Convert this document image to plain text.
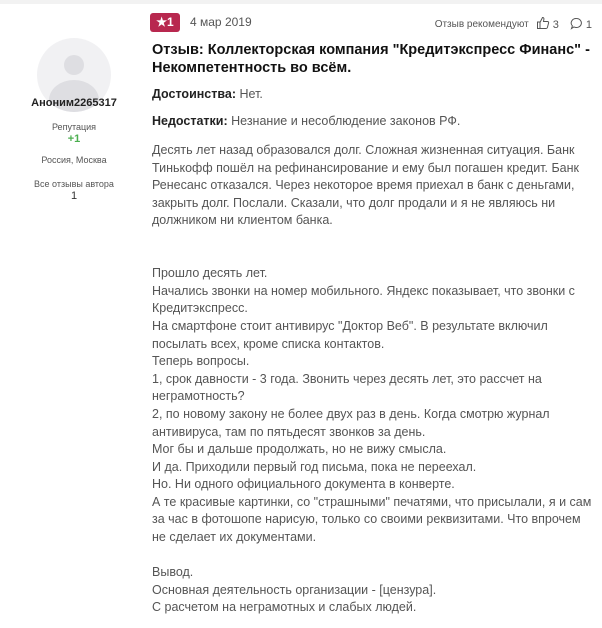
Аноним2265317
Репутация
+1
Россия, Москва
Все отзывы автора
1
★1	4 мар 2019	Отзыв рекомендуют 3 1
Отзыв: Коллекторская компания "Кредитэкспресс Финанс" - Некомпетентность во всём.
Достоинства: Нет.
Недостатки: Незнание и несоблюдение законов РФ.
Десять лет назад образовался долг. Сложная жизненная ситуация. Банк
Тинькофф пошёл на рефинансирование и ему был погашен кредит. Банк
Ренесанс отказался. Через некоторое время приехал в банк с деньгами,
закрыть долг. Послали. Сказали, что долг продали и я не являюсь ни
должником ни клиентом банка.
Прошло десять лет.
Начались звонки на номер мобильного. Яндекс показывает, что звонки с
Кредитэкспресс.
На смартфоне стоит антивирус "Доктор Веб". В результате включил
посылать всех, кроме списка контактов.
Теперь вопросы.
1, срок давности - 3 года. Звонить через десять лет, это рассчет на
неграмотность?
2, по новому закону не более двух раз в день. Когда смотрю журнал
антивируса, там по пятьдесят звонков за день.
Мог бы и дальше продолжать, но не вижу смысла.
И да. Приходили первый год письма, пока не переехал.
Но. Ни одного официального документа в конверте.
А те красивые картинки, со "страшными" печатями, что присылали, я и сам
за час в фотошопе нарисую, только со своими реквизитами. Что впрочем
не сделает их документами.
Вывод.
Основная деятельность организации - [цензура].
С расчетом на неграмотных и слабых людей.
